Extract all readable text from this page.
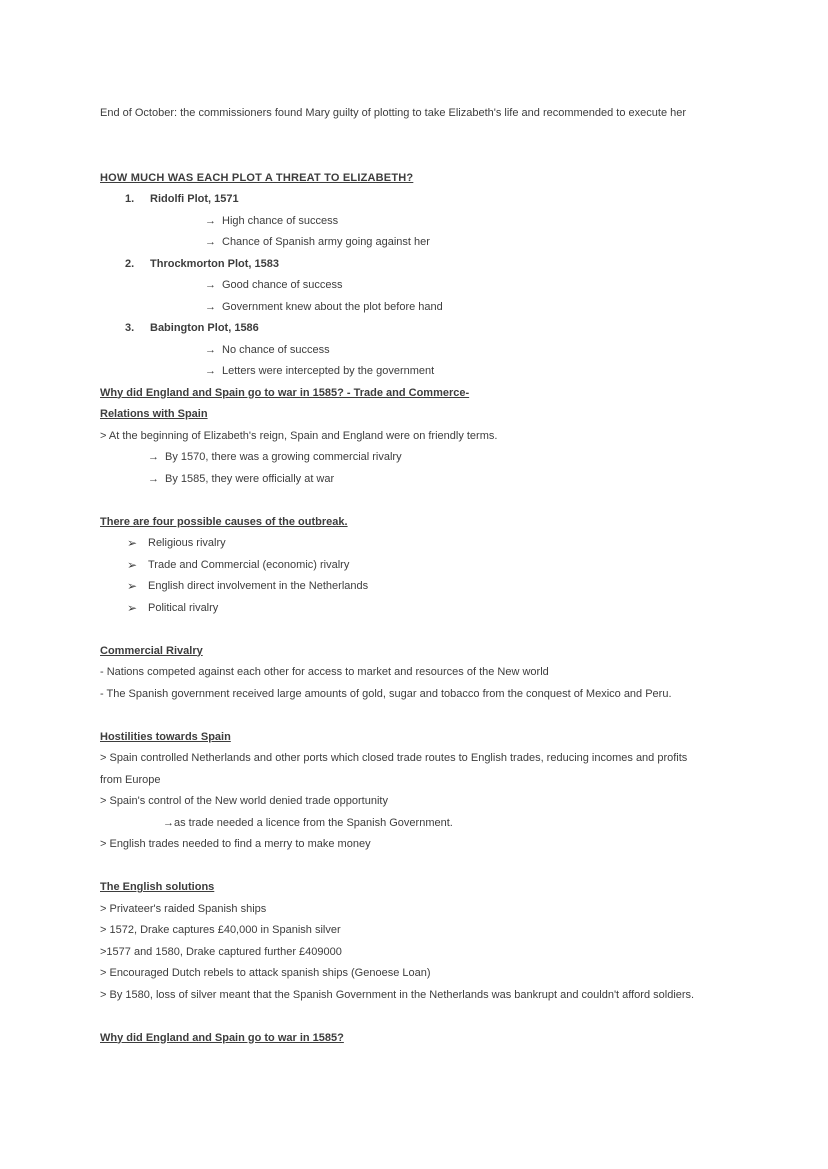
End of October: the commissioners found Mary guilty of plotting to take Elizabeth's life and recommended to execute her
HOW MUCH WAS EACH PLOT A THREAT TO ELIZABETH?
1.	Ridolfi Plot, 1571
→ High chance of success
→ Chance of Spanish army going against her
2.	Throckmorton Plot, 1583
→ Good chance of success
→ Government knew about the plot before hand
3.	Babington Plot, 1586
→ No chance of success
→ Letters were intercepted by the government
Why did England and Spain go to war in 1585? - Trade and Commerce-
Relations with Spain
> At the beginning of Elizabeth's reign, Spain and England were on friendly terms.
→ By 1570, there was a growing commercial rivalry
→ By 1585, they were officially at war
There are four possible causes of the outbreak.
➢ Religious rivalry
➢ Trade and Commercial (economic) rivalry
➢ English direct involvement in the Netherlands
➢ Political rivalry
Commercial Rivalry
- Nations competed against each other for access to market and resources of the New world
- The Spanish government received large amounts of gold, sugar and tobacco from the conquest of Mexico and Peru.
Hostilities towards Spain
> Spain controlled Netherlands and other ports which closed trade routes to English trades, reducing incomes and profits
from Europe
> Spain's control of the New world denied trade opportunity
→as trade needed a licence from the Spanish Government.
> English trades needed to find a merry to make money
The English solutions
> Privateer's raided Spanish ships
> 1572, Drake captures £40,000 in Spanish silver
>1577 and 1580, Drake captured further £409000
> Encouraged Dutch rebels to attack spanish ships (Genoese Loan)
> By 1580, loss of silver meant that the Spanish Government in the Netherlands was bankrupt and couldn't afford soldiers.
Why did England and Spain go to war in 1585?
